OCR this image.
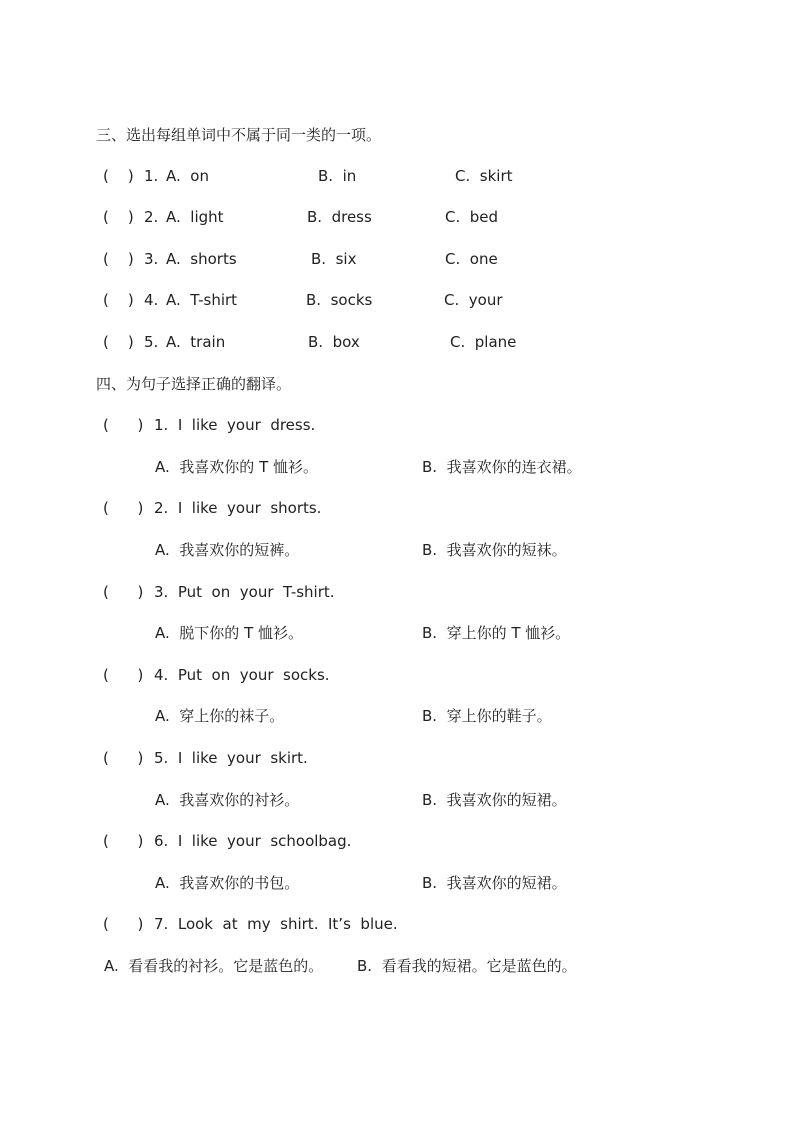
三、选出每组单词中不属于同一类的一项。
(    ) 1. A.  on	B.  in	C.  skirt
(    ) 2. A.  light	B.  dress	C.  bed
(    ) 3. A.  shorts	B.  six	C.  one
(    ) 4. A.  T-shirt	B.  socks	C.  your
(    ) 5. A.  train	B.  box	C.  plane
四、为句子选择正确的翻译。
(      ) 1.  I  like  your  dress.
A.  我喜欢你的 T 恤衫。	B.  我喜欢你的连衣裙。
(      ) 2.  I  like  your  shorts.
A.  我喜欢你的短裤。	B.  我喜欢你的短袜。
(      ) 3.  Put  on  your  T-shirt.
A.  脱下你的 T 恤衫。	B.  穿上你的 T 恤衫。
(      ) 4.  Put  on  your  socks.
A.  穿上你的袜子。	B.  穿上你的鞋子。
(      ) 5.  I  like  your  skirt.
A.  我喜欢你的衬衫。	B.  我喜欢你的短裙。
(      ) 6.  I  like  your  schoolbag.
A.  我喜欢你的书包。	B.  我喜欢你的短裙。
(      ) 7.  Look  at  my  shirt.  It’s  blue.
A.  看看我的衬衫。它是蓝色的。 B.  看看我的短裙。它是蓝色的。
